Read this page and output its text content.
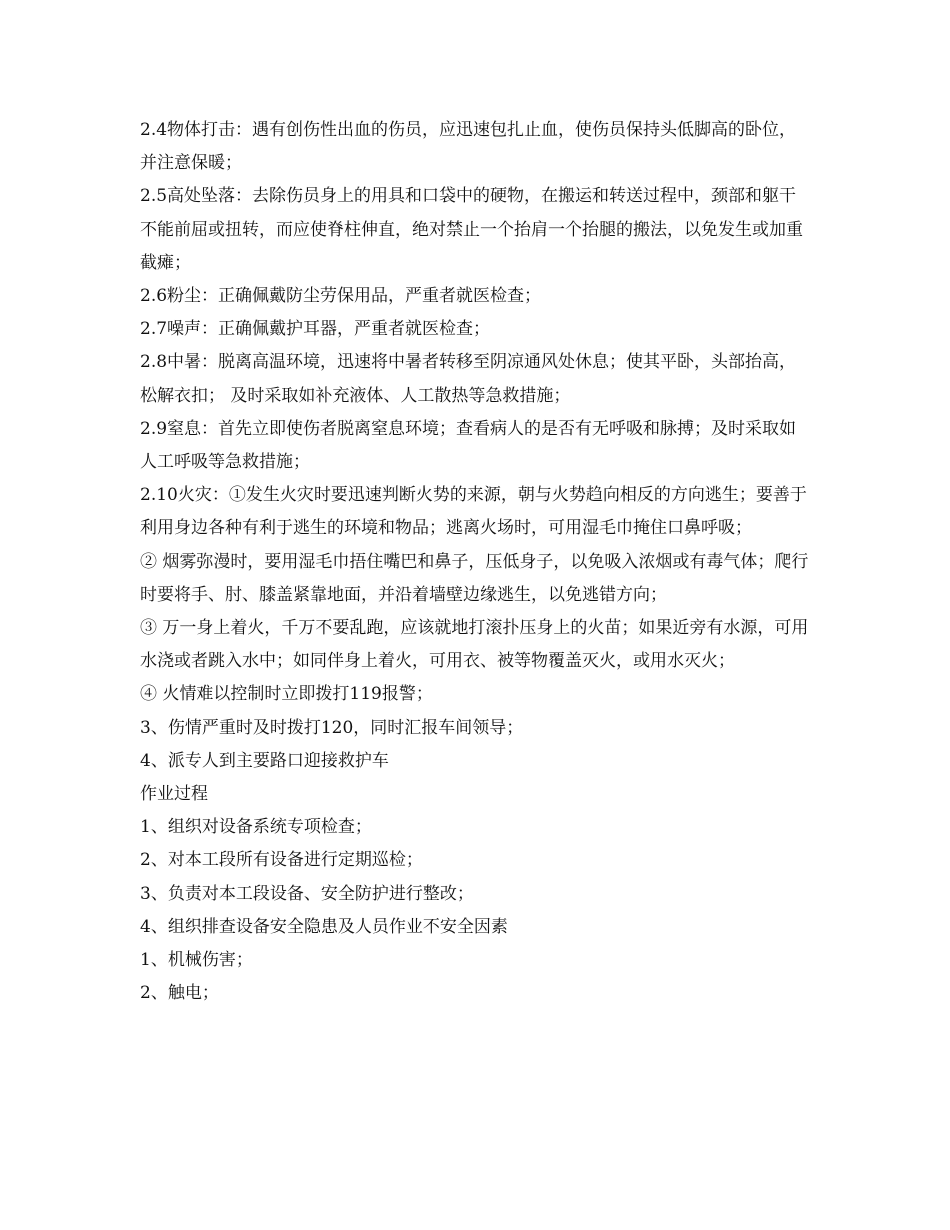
2.4物体打击：遇有创伤性出血的伤员，应迅速包扎止血，使伤员保持头低脚高的卧位，并注意保暖；

2.5高处坠落：去除伤员身上的用具和口袋中的硬物，在搬运和转送过程中，颈部和躯干不能前屈或扭转，而应使脊柱伸直，绝对禁止一个抬肩一个抬腿的搬法，以免发生或加重截瘫；

2.6粉尘：正确佩戴防尘劳保用品，严重者就医检查；

2.7噪声：正确佩戴护耳器，严重者就医检查；

2.8中暑：脱离高温环境，迅速将中暑者转移至阴凉通风处休息；使其平卧，头部抬高，松解衣扣； 及时采取如补充液体、人工散热等急救措施；

2.9窒息：首先立即使伤者脱离窒息环境；查看病人的是否有无呼吸和脉搏；及时采取如人工呼吸等急救措施；

2.10火灾：①发生火灾时要迅速判断火势的来源，朝与火势趋向相反的方向逃生；要善于利用身边各种有利于逃生的环境和物品；逃离火场时，可用湿毛巾掩住口鼻呼吸；

② 烟雾弥漫时，要用湿毛巾捂住嘴巴和鼻子，压低身子，以免吸入浓烟或有毒气体；爬行时要将手、肘、膝盖紧靠地面，并沿着墙壁边缘逃生，以免逃错方向；

③ 万一身上着火，千万不要乱跑，应该就地打滚扑压身上的火苗；如果近旁有水源，可用水浇或者跳入水中；如同伴身上着火，可用衣、被等物覆盖灭火，或用水灭火；

④ 火情难以控制时立即拨打119报警；

3、伤情严重时及时拨打120，同时汇报车间领导；

4、派专人到主要路口迎接救护车

作业过程

1、组织对设备系统专项检查；

2、对本工段所有设备进行定期巡检；

3、负责对本工段设备、安全防护进行整改；

4、组织排查设备安全隐患及人员作业不安全因素

1、机械伤害；

2、触电；
